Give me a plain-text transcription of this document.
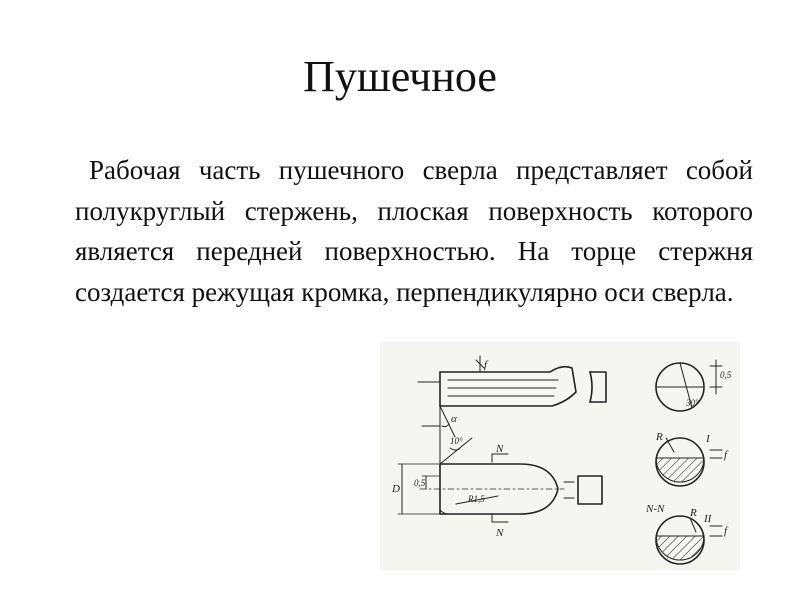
Пушечное

Рабочая часть пушечного сверла представляет собой полукруглый стержень, плоская поверхность которого является передней поверхностью. На торце стержня создается режущая кромка, перпендикулярно оси сверла.

f
α
10°
N
N
D 0,5
R1,5
0,5
30°
R	I
f
N-N R II
f
